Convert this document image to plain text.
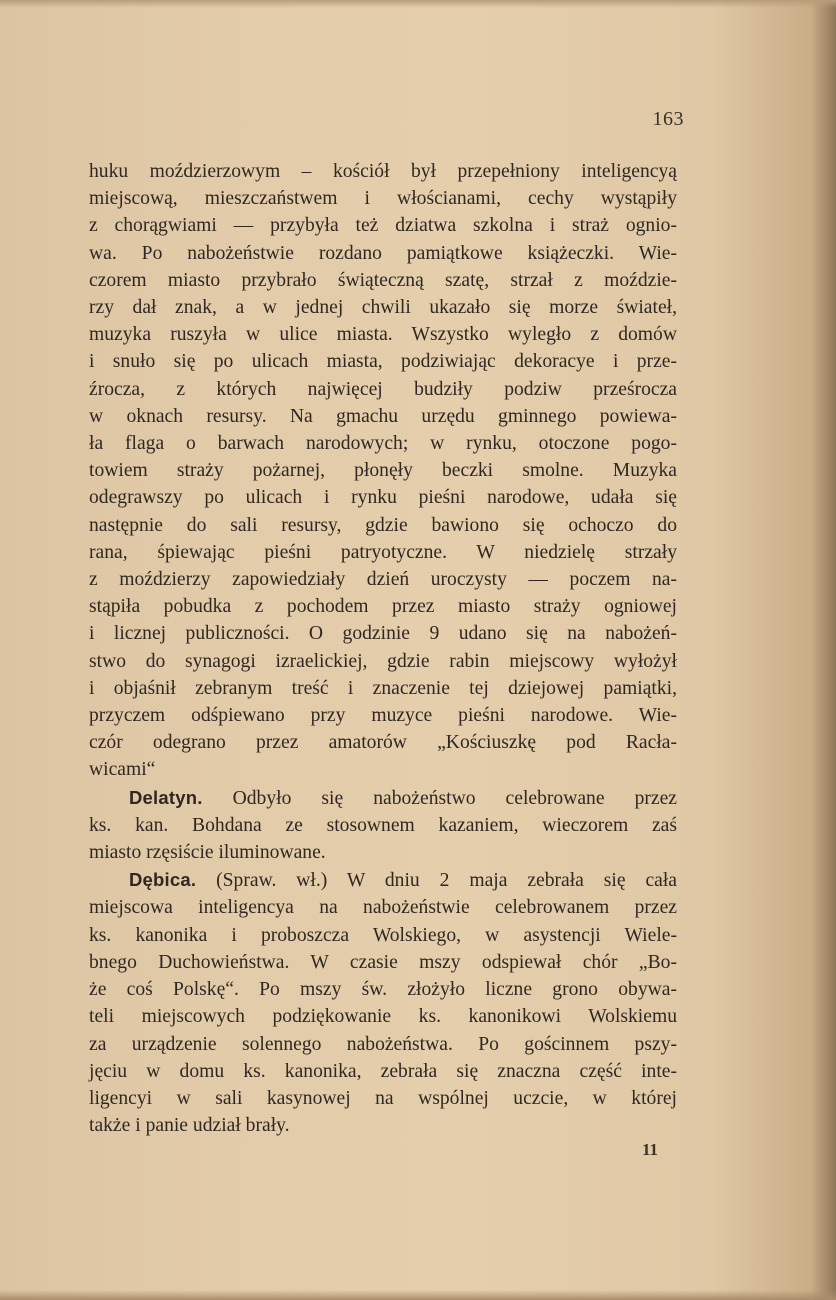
163

huku moździerzowym – kościół był przepełniony inteligencyą
miejscową, mieszczaństwem i włościanami, cechy wystąpiły
z chorągwiami — przybyła też dziatwa szkolna i straż ognio-
wa. Po nabożeństwie rozdano pamiątkowe książeczki. Wie-
czorem miasto przybrało świąteczną szatę, strzał z moździe-
rzy dał znak, a w jednej chwili ukazało się morze świateł,
muzyka ruszyła w ulice miasta. Wszystko wyległo z domów
i snuło się po ulicach miasta, podziwiając dekoracye i prze-
źrocza, z których najwięcej budziły podziw prześrocza
w oknach resursy. Na gmachu urzędu gminnego powiewa-
ła flaga o barwach narodowych; w rynku, otoczone pogo-
towiem straży pożarnej, płonęły beczki smolne. Muzyka
odegrawszy po ulicach i rynku pieśni narodowe, udała się
następnie do sali resursy, gdzie bawiono się ochoczo do
rana, śpiewając pieśni patryotyczne. W niedzielę strzały
z moździerzy zapowiedziały dzień uroczysty — poczem na-
stąpiła pobudka z pochodem przez miasto straży ogniowej
i licznej publiczności. O godzinie 9 udano się na nabożeń-
stwo do synagogi izraelickiej, gdzie rabin miejscowy wyłożył
i objaśnił zebranym treść i znaczenie tej dziejowej pamiątki,
przyczem odśpiewano przy muzyce pieśni narodowe. Wie-
czór odegrano przez amatorów „Kościuszkę pod Racła-
wicami“

Delatyn. Odbyło się nabożeństwo celebrowane przez
ks. kan. Bohdana ze stosownem kazaniem, wieczorem zaś
miasto rzęsiście iluminowane.

Dębica. (Spraw. wł.) W dniu 2 maja zebrała się cała
miejscowa inteligencya na nabożeństwie celebrowanem przez
ks. kanonika i proboszcza Wolskiego, w asystencji Wiele-
bnego Duchowieństwa. W czasie mszy odspiewał chór „Bo-
że coś Polskę“. Po mszy św. złożyło liczne grono obywa-
teli miejscowych podziękowanie ks. kanonikowi Wolskiemu
za urządzenie solennego nabożeństwa. Po gościnnem pszy-
jęciu w domu ks. kanonika, zebrała się znaczna część inte-
ligencyi w sali kasynowej na wspólnej uczcie, w której
także i panie udział brały.

11
